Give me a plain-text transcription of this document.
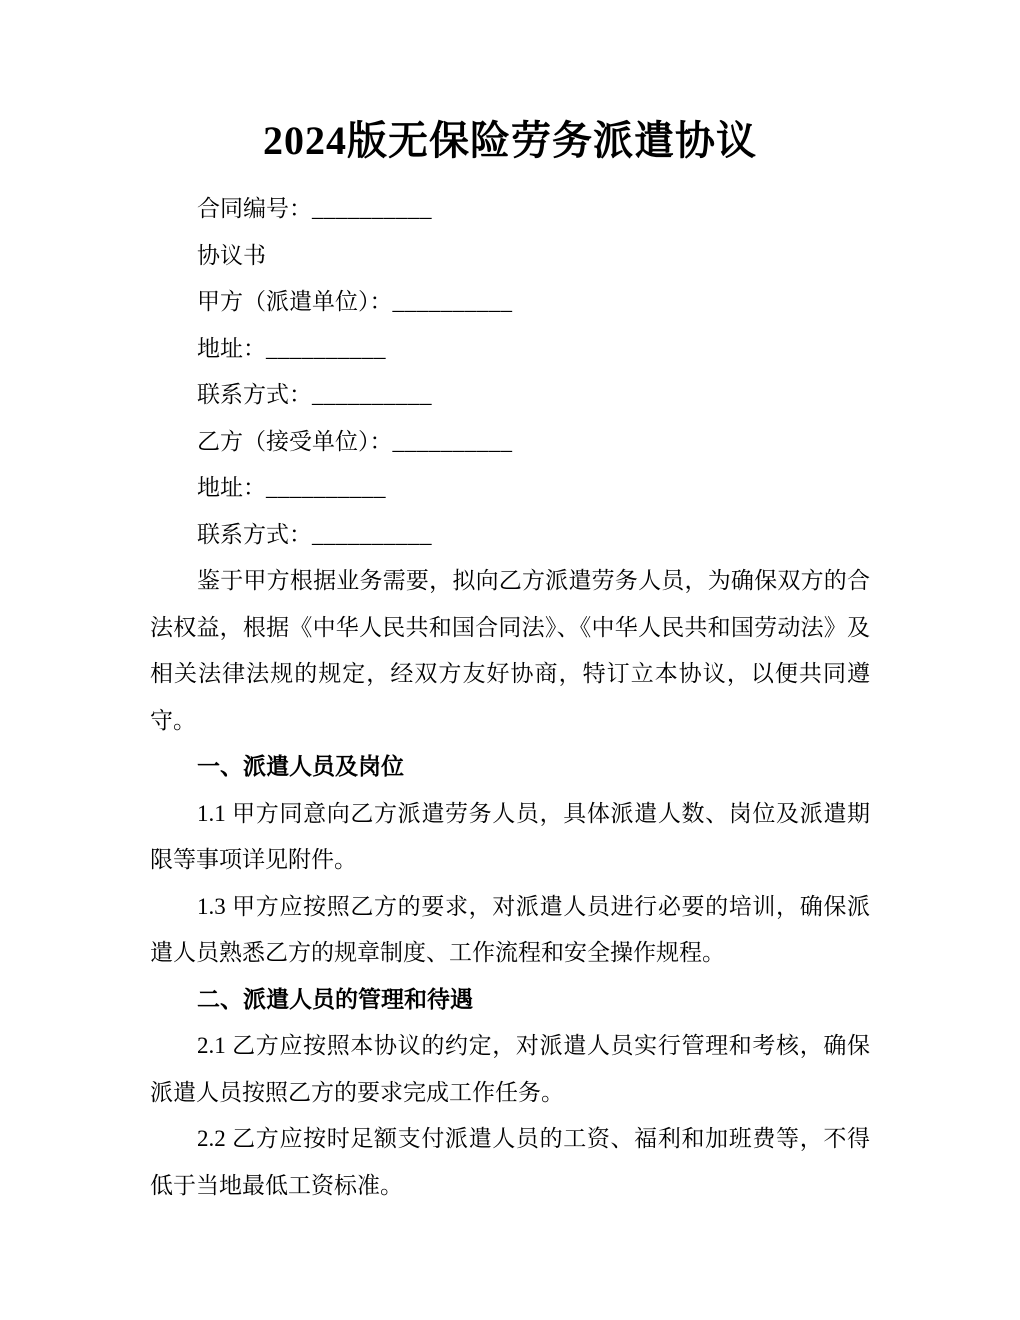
2024版无保险劳务派遣协议
合同编号：__________
协议书
甲方（派遣单位）：__________
地址：__________
联系方式：__________
乙方（接受单位）：__________
地址：__________
联系方式：__________

鉴于甲方根据业务需要，拟向乙方派遣劳务人员，为确保双方的合法权益，根据《中华人民共和国合同法》、《中华人民共和国劳动法》及相关法律法规的规定，经双方友好协商，特订立本协议，以便共同遵守。

一、派遣人员及岗位

1.1 甲方同意向乙方派遣劳务人员，具体派遣人数、岗位及派遣期限等事项详见附件。

1.3 甲方应按照乙方的要求，对派遣人员进行必要的培训，确保派遣人员熟悉乙方的规章制度、工作流程和安全操作规程。

二、派遣人员的管理和待遇

2.1 乙方应按照本协议的约定，对派遣人员实行管理和考核，确保派遣人员按照乙方的要求完成工作任务。

2.2 乙方应按时足额支付派遣人员的工资、福利和加班费等，不得低于当地最低工资标准。
